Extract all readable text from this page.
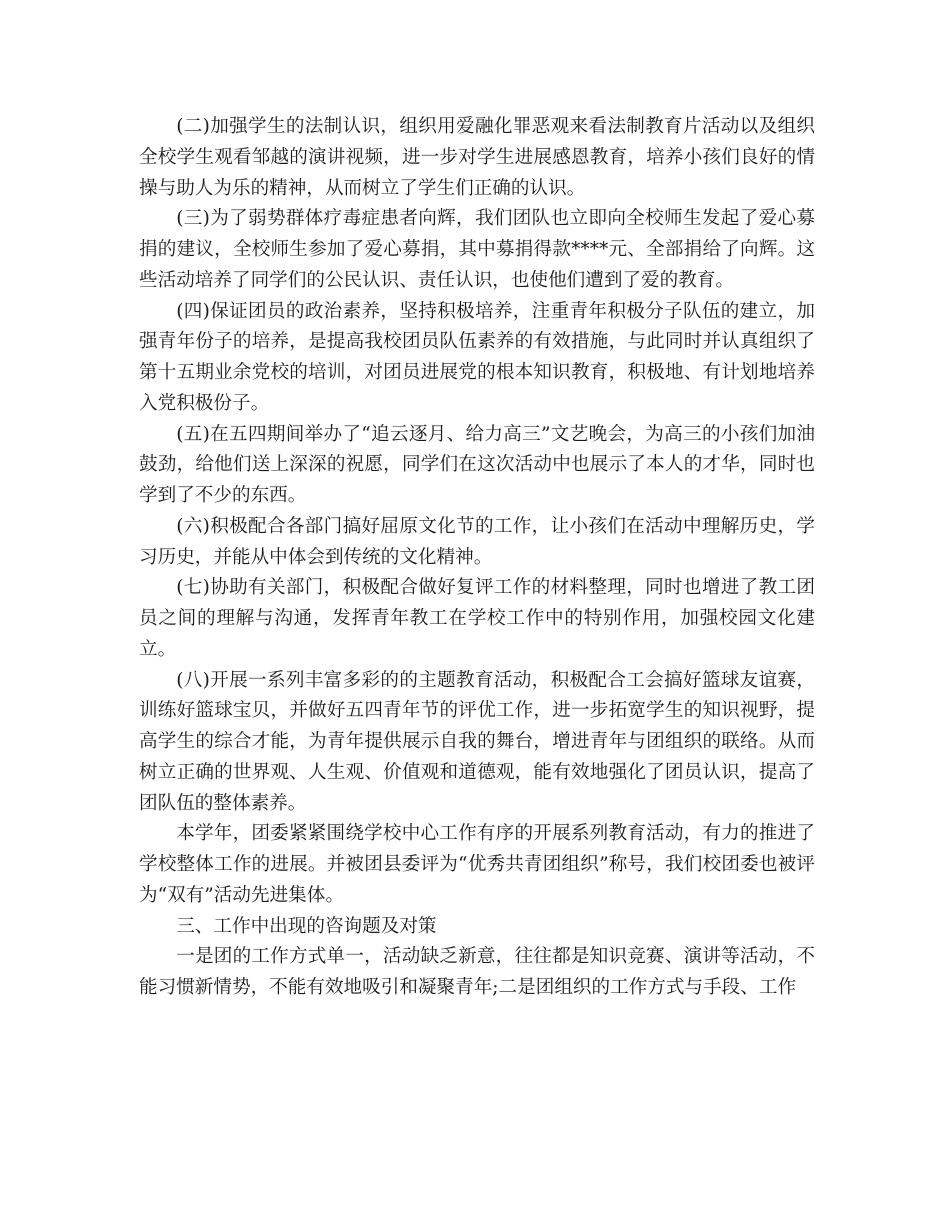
(二)加强学生的法制认识，组织用爱融化罪恶观来看法制教育片活动以及组织全校学生观看邹越的演讲视频，进一步对学生进展感恩教育，培养小孩们良好的情操与助人为乐的精神，从而树立了学生们正确的认识。

(三)为了弱势群体疗毒症患者向辉，我们团队也立即向全校师生发起了爱心募捐的建议，全校师生参加了爱心募捐，其中募捐得款****元、全部捐给了向辉。这些活动培养了同学们的公民认识、责任认识，也使他们遭到了爱的教育。

(四)保证团员的政治素养，坚持积极培养，注重青年积极分子队伍的建立，加强青年份子的培养，是提高我校团员队伍素养的有效措施，与此同时并认真组织了第十五期业余党校的培训，对团员进展党的根本知识教育，积极地、有计划地培养入党积极份子。

(五)在五四期间举办了“追云逐月、给力高三”文艺晚会，为高三的小孩们加油鼓劲，给他们送上深深的祝愿，同学们在这次活动中也展示了本人的才华，同时也学到了不少的东西。

(六)积极配合各部门搞好屈原文化节的工作，让小孩们在活动中理解历史，学习历史，并能从中体会到传统的文化精神。

(七)协助有关部门，积极配合做好复评工作的材料整理，同时也增进了教工团员之间的理解与沟通，发挥青年教工在学校工作中的特别作用，加强校园文化建立。

(八)开展一系列丰富多彩的的主题教育活动，积极配合工会搞好篮球友谊赛，训练好篮球宝贝，并做好五四青年节的评优工作，进一步拓宽学生的知识视野，提高学生的综合才能，为青年提供展示自我的舞台，增进青年与团组织的联络。从而树立正确的世界观、人生观、价值观和道德观，能有效地强化了团员认识，提高了团队伍的整体素养。

本学年，团委紧紧围绕学校中心工作有序的开展系列教育活动，有力的推进了学校整体工作的进展。并被团县委评为“优秀共青团组织”称号，我们校团委也被评为“双有”活动先进集体。

三、工作中出现的咨询题及对策

一是团的工作方式单一，活动缺乏新意，往往都是知识竞赛、演讲等活动，不能习惯新情势，不能有效地吸引和凝聚青年;二是团组织的工作方式与手段、工作
